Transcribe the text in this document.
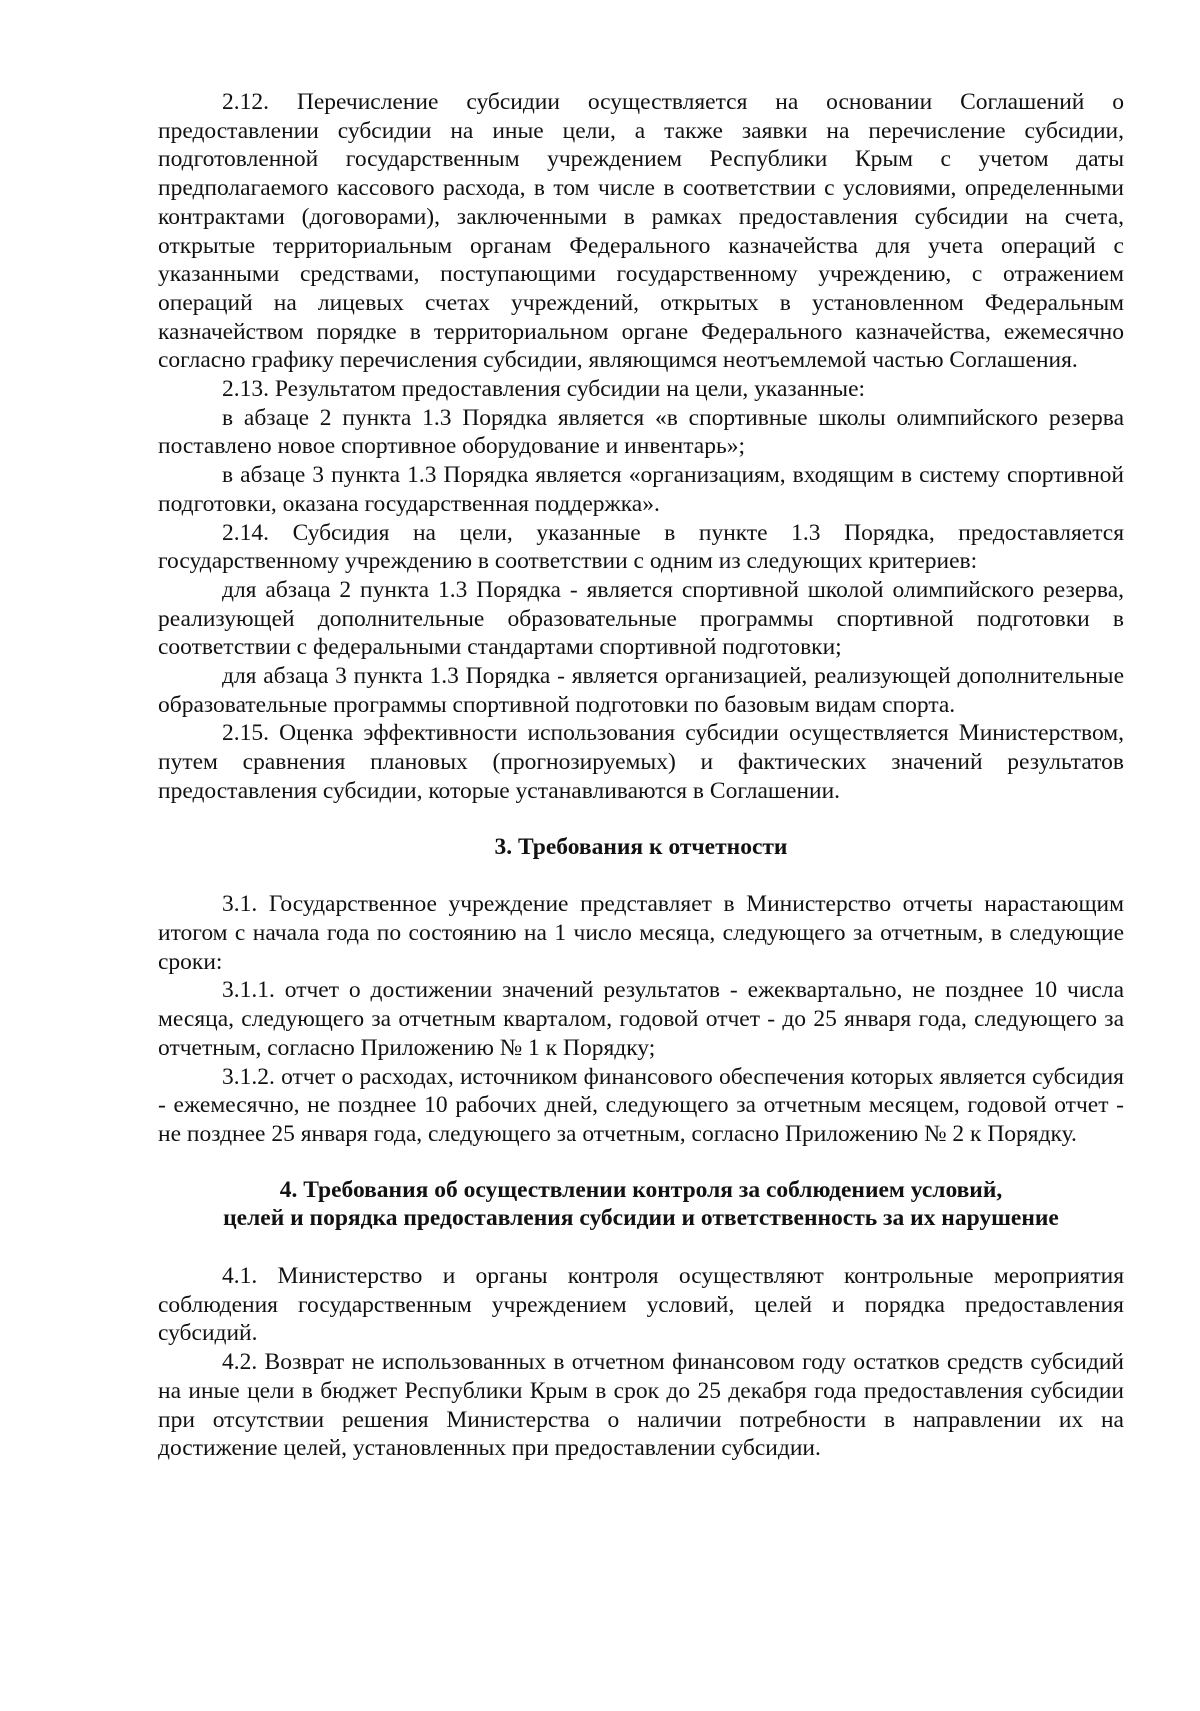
2.12. Перечисление субсидии осуществляется на основании Соглашений о предоставлении субсидии на иные цели, а также заявки на перечисление субсидии, подготовленной государственным учреждением Республики Крым с учетом даты предполагаемого кассового расхода, в том числе в соответствии с условиями, определенными контрактами (договорами), заключенными в рамках предоставления субсидии на счета, открытые территориальным органам Федерального казначейства для учета операций с указанными средствами, поступающими государственному учреждению, с отражением операций на лицевых счетах учреждений, открытых в установленном Федеральным казначейством порядке в территориальном органе Федерального казначейства, ежемесячно согласно графику перечисления субсидии, являющимся неотъемлемой частью Соглашения.

2.13. Результатом предоставления субсидии на цели, указанные:

в абзаце 2 пункта 1.3 Порядка является «в спортивные школы олимпийского резерва поставлено новое спортивное оборудование и инвентарь»;

в абзаце 3 пункта 1.3 Порядка является «организациям, входящим в систему спортивной подготовки, оказана государственная поддержка».

2.14. Субсидия на цели, указанные в пункте 1.3 Порядка, предоставляется государственному учреждению в соответствии с одним из следующих критериев:

для абзаца 2 пункта 1.3 Порядка - является спортивной школой олимпийского резерва, реализующей дополнительные образовательные программы спортивной подготовки в соответствии с федеральными стандартами спортивной подготовки;

для абзаца 3 пункта 1.3 Порядка - является организацией, реализующей дополнительные образовательные программы спортивной подготовки по базовым видам спорта.

2.15. Оценка эффективности использования субсидии осуществляется Министерством, путем сравнения плановых (прогнозируемых) и фактических значений результатов предоставления субсидии, которые устанавливаются в Соглашении.

3. Требования к отчетности

3.1. Государственное учреждение представляет в Министерство отчеты нарастающим итогом с начала года по состоянию на 1 число месяца, следующего за отчетным, в следующие сроки:

3.1.1. отчет о достижении значений результатов - ежеквартально, не позднее 10 числа месяца, следующего за отчетным кварталом, годовой отчет - до 25 января года, следующего за отчетным, согласно Приложению № 1 к Порядку;

3.1.2. отчет о расходах, источником финансового обеспечения которых является субсидия - ежемесячно, не позднее 10 рабочих дней, следующего за отчетным месяцем, годовой отчет - не позднее 25 января года, следующего за отчетным, согласно Приложению № 2 к Порядку.

4. Требования об осуществлении контроля за соблюдением условий,
целей и порядка предоставления субсидии и ответственность за их нарушение

4.1. Министерство и органы контроля осуществляют контрольные мероприятия соблюдения государственным учреждением условий, целей и порядка предоставления субсидий.

4.2. Возврат не использованных в отчетном финансовом году остатков средств субсидий на иные цели в бюджет Республики Крым в срок до 25 декабря года предоставления субсидии при отсутствии решения Министерства о наличии потребности в направлении их на достижение целей, установленных при предоставлении субсидии.
